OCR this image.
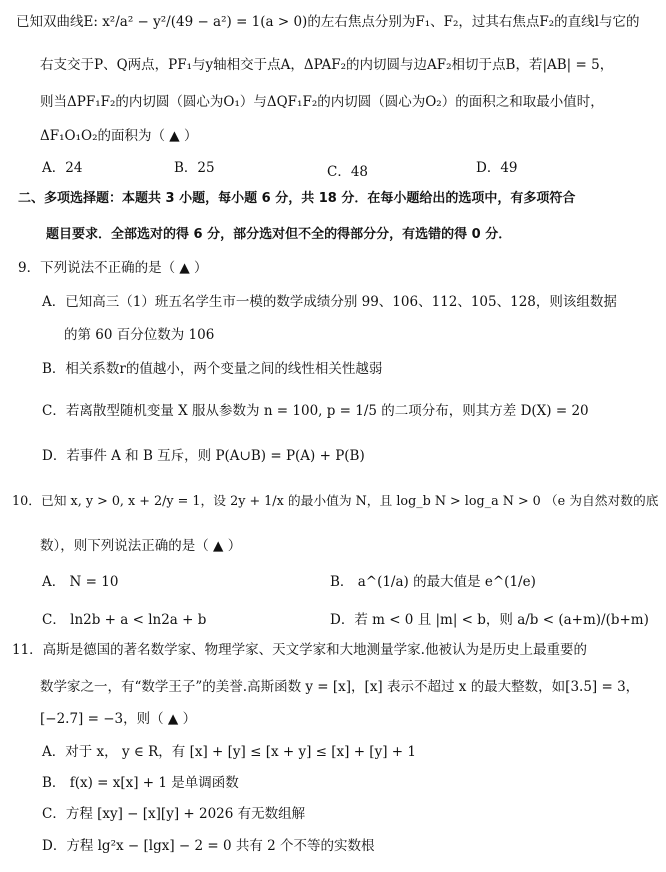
已知双曲线E: x²/a² − y²/(49 − a²) = 1(a > 0)的左右焦点分别为F₁、F₂，过其右焦点F₂的直线l与它的
右支交于P、Q两点，PF₁与y轴相交于点A，ΔPAF₂的内切圆与边AF₂相切于点B，若|AB| = 5，
则当ΔPF₁F₂的内切圆（圆心为O₁）与ΔQF₁F₂的内切圆（圆心为O₂）的面积之和取最小值时，
ΔF₁O₁O₂的面积为（ ▲ ）
A．24	B．25	C．48	D．49
二、多项选择题：本题共 3 小题，每小题 6 分，共 18 分．在每小题给出的选项中，有多项符合
题目要求．全部选对的得 6 分，部分选对但不全的得部分分，有选错的得 0 分．
9．下列说法不正确的是（ ▲ ）
A．已知高三（1）班五名学生市一模的数学成绩分别 99、106、112、105、128，则该组数据
的第 60 百分位数为 106
B．相关系数r的值越小，两个变量之间的线性相关性越弱
C．若离散型随机变量 X 服从参数为 n = 100, p = 1/5 的二项分布，则其方差 D(X) = 20
D．若事件 A 和 B 互斥，则 P(A∪B) = P(A) + P(B)
10．已知 x, y > 0, x + 2/y = 1，设 2y + 1/x 的最小值为 N，且 log_b N > log_a N > 0 （e 为自然对数的底
数），则下列说法正确的是（ ▲ ）
A． N = 10	B． a^(1/a) 的最大值是 e^(1/e)
C． ln2b + a < ln2a + b	D．若 m < 0 且 |m| < b，则 a/b < (a+m)/(b+m)
11．高斯是德国的著名数学家、物理学家、天文学家和大地测量学家.他被认为是历史上最重要的
数学家之一，有“数学王子”的美誉.高斯函数 y = [x]，[x] 表示不超过 x 的最大整数，如[3.5] = 3，
[−2.7] = −3，则（ ▲ ）
A．对于 x， y ∈ R，有 [x] + [y] ≤ [x + y] ≤ [x] + [y] + 1
B． f(x) = x[x] + 1 是单调函数
C．方程 [xy] − [x][y] + 2026 有无数组解
D．方程 lg²x − [lgx] − 2 = 0 共有 2 个不等的实数根
